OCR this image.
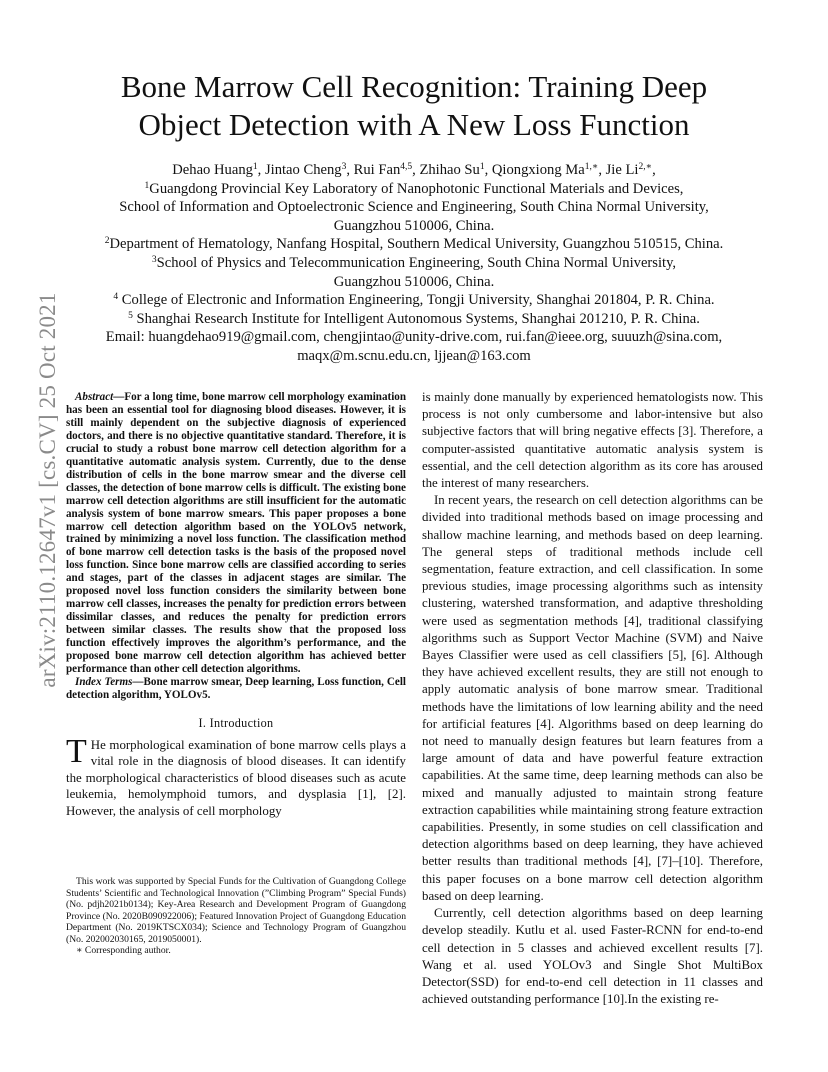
arXiv:2110.12647v1 [cs.CV] 25 Oct 2021
Bone Marrow Cell Recognition: Training Deep
Object Detection with A New Loss Function
Dehao Huang$^1$, Jintao Cheng$^3$, Rui Fan$^{4,5}$, Zhihao Su$^1$, Qiongxiong $Ma^{1,∗}$, Jie $Li^{2,∗}$,
$^1$Guangdong Provincial Key Laboratory of Nanophotonic Functional Materials and Devices,
School of Information and Optoelectronic Science and Engineering, South China Normal University,
Guangzhou 510006, China.
$^2$Department of Hematology, Nanfang Hospital, Southern Medical University, Guangzhou 510515, China.
$^3$School of Physics and Telecommunication Engineering, South China Normal University,
Guangzhou 510006, China.
$^4$ College of Electronic and Information Engineering, Tongji University, Shanghai 201804, P. R. China.
$^5$ Shanghai Research Institute for Intelligent Autonomous Systems, Shanghai 201210, P. R. China.
Email: huangdehao919@gmail.com, chengjintao@unity-drive.com, rui.fan@ieee.org, suuuzh@sina.com,
maqx@m.scnu.edu.cn, ljjean@163.com

Abstract—For a long time, bone marrow cell morphology examination has been an essential tool for diagnosing blood diseases. However, it is still mainly dependent on the subjective diagnosis of experienced doctors, and there is no objective quantitative standard. Therefore, it is crucial to study a robust bone marrow cell detection algorithm for a quantitative automatic analysis system. Currently, due to the dense distribution of cells in the bone marrow smear and the diverse cell classes, the detection of bone marrow cells is difficult. The existing bone marrow cell detection algorithms are still insufficient for the automatic analysis system of bone marrow smears. This paper proposes a bone marrow cell detection algorithm based on the YOLOv5 network, trained by minimizing a novel loss function. The classification method of bone marrow cell detection tasks is the basis of the proposed novel loss function. Since bone marrow cells are classified according to series and stages, part of the classes in adjacent stages are similar. The proposed novel loss function considers the similarity between bone marrow cell classes, increases the penalty for prediction errors between dissimilar classes, and reduces the penalty for prediction errors between similar classes. The results show that the proposed loss function effectively improves the algorithm’s performance, and the proposed bone marrow cell detection algorithm has achieved better performance than other cell detection algorithms.

Index Terms—Bone marrow smear, Deep learning, Loss function, Cell detection algorithm, YOLOv5.

I. Introduction

T He morphological examination of bone marrow cells plays a vital role in the diagnosis of blood diseases. It can identify the morphological characteristics of blood diseases such as acute leukemia, hemolymphoid tumors, and dysplasia [1], [2]. However, the analysis of cell morphology

This work was supported by Special Funds for the Cultivation of Guangdong College Students’ Scientific and Technological Innovation (”Climbing Program” Special Funds) (No. pdjh2021b0134); Key-Area Research and Development Program of Guangdong Province (No. 2020B090922006); Featured Innovation Project of Guangdong Education Department (No. 2019KTSCX034); Science and Technology Program of Guangzhou (No. 202002030165, 2019050001).

∗ Corresponding author.

is mainly done manually by experienced hematologists now. This process is not only cumbersome and labor-intensive but also subjective factors that will bring negative effects [3]. Therefore, a computer-assisted quantitative automatic analysis system is essential, and the cell detection algorithm as its core has aroused the interest of many researchers.

In recent years, the research on cell detection algorithms can be divided into traditional methods based on image processing and shallow machine learning, and methods based on deep learning. The general steps of traditional methods include cell segmentation, feature extraction, and cell classification. In some previous studies, image processing algorithms such as intensity clustering, watershed transformation, and adaptive thresholding were used as segmentation methods [4], traditional classifying algorithms such as Support Vector Machine (SVM) and Naive Bayes Classifier were used as cell classifiers [5], [6]. Although they have achieved excellent results, they are still not enough to apply automatic analysis of bone marrow smear. Traditional methods have the limitations of low learning ability and the need for artificial features [4]. Algorithms based on deep learning do not need to manually design features but learn features from a large amount of data and have powerful feature extraction capabilities. At the same time, deep learning methods can also be mixed and manually adjusted to maintain strong feature extraction capabilities while maintaining strong feature extraction capabilities. Presently, in some studies on cell classification and detection algorithms based on deep learning, they have achieved better results than traditional methods [4], [7]–[10]. Therefore, this paper focuses on a bone marrow cell detection algorithm based on deep learning.

Currently, cell detection algorithms based on deep learning develop steadily. Kutlu et al. used Faster-RCNN for end-to-end cell detection in 5 classes and achieved excellent results [7]. Wang et al. used YOLOv3 and Single Shot MultiBox Detector(SSD) for end-to-end cell detection in 11 classes and achieved outstanding performance [10].In the existing re-
